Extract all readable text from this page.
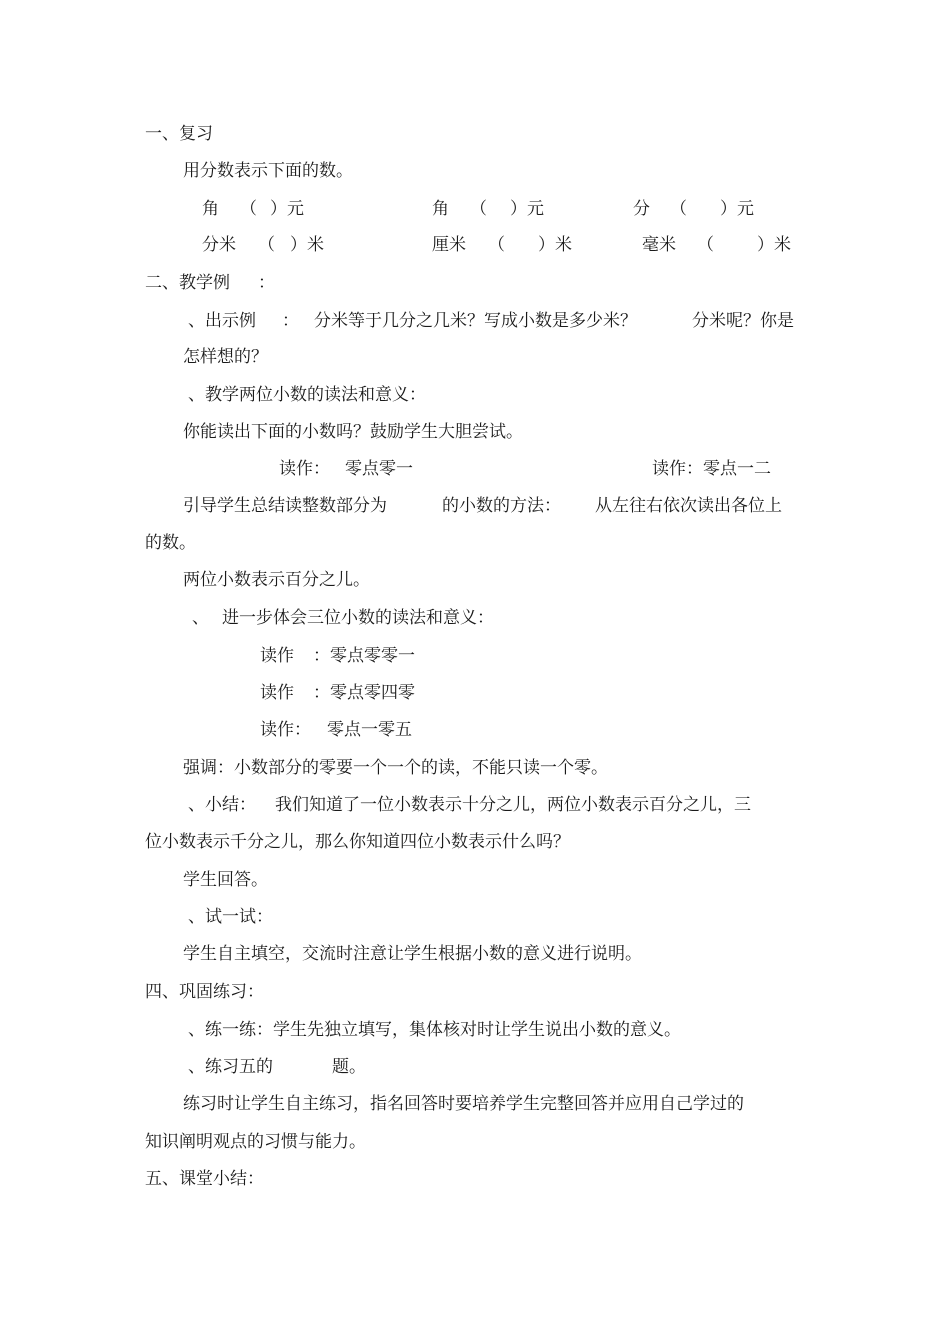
一、复习
用分数表示下面的数。
角 （ ）元	角 （ ）元	分 （ ）元
分米 （ ）米	厘米 （ ）米	毫米 （	）米
二、教学例 ：
、出示例 ： 分米等于几分之几米？写成小数是多少米？	分米呢？你是
怎样想的？
、教学两位小数的读法和意义：
你能读出下面的小数吗？鼓励学生大胆尝试。
读作： 零点零一	读作：零点一二
引导学生总结读整数部分为	的小数的方法： 从左往右依次读出各位上
的数。
两位小数表示百分之儿。
、 进一步体会三位小数的读法和意义：
读作 ：零点零零一
读作 ：零点零四零
读作： 零点一零五
强调：小数部分的零要一个一个的读，不能只读一个零。
、小结： 我们知道了一位小数表示十分之儿，两位小数表示百分之儿，三
位小数表示千分之儿，那么你知道四位小数表示什么吗？
学生回答。
、试一试：
学生自主填空，交流时注意让学生根据小数的意义进行说明。
四、巩固练习：
、练一练：学生先独立填写，集体核对时让学生说出小数的意义。
、练习五的	题。
练习时让学生自主练习，指名回答时要培养学生完整回答并应用自己学过的
知识阐明观点的习惯与能力。
五、课堂小结：
